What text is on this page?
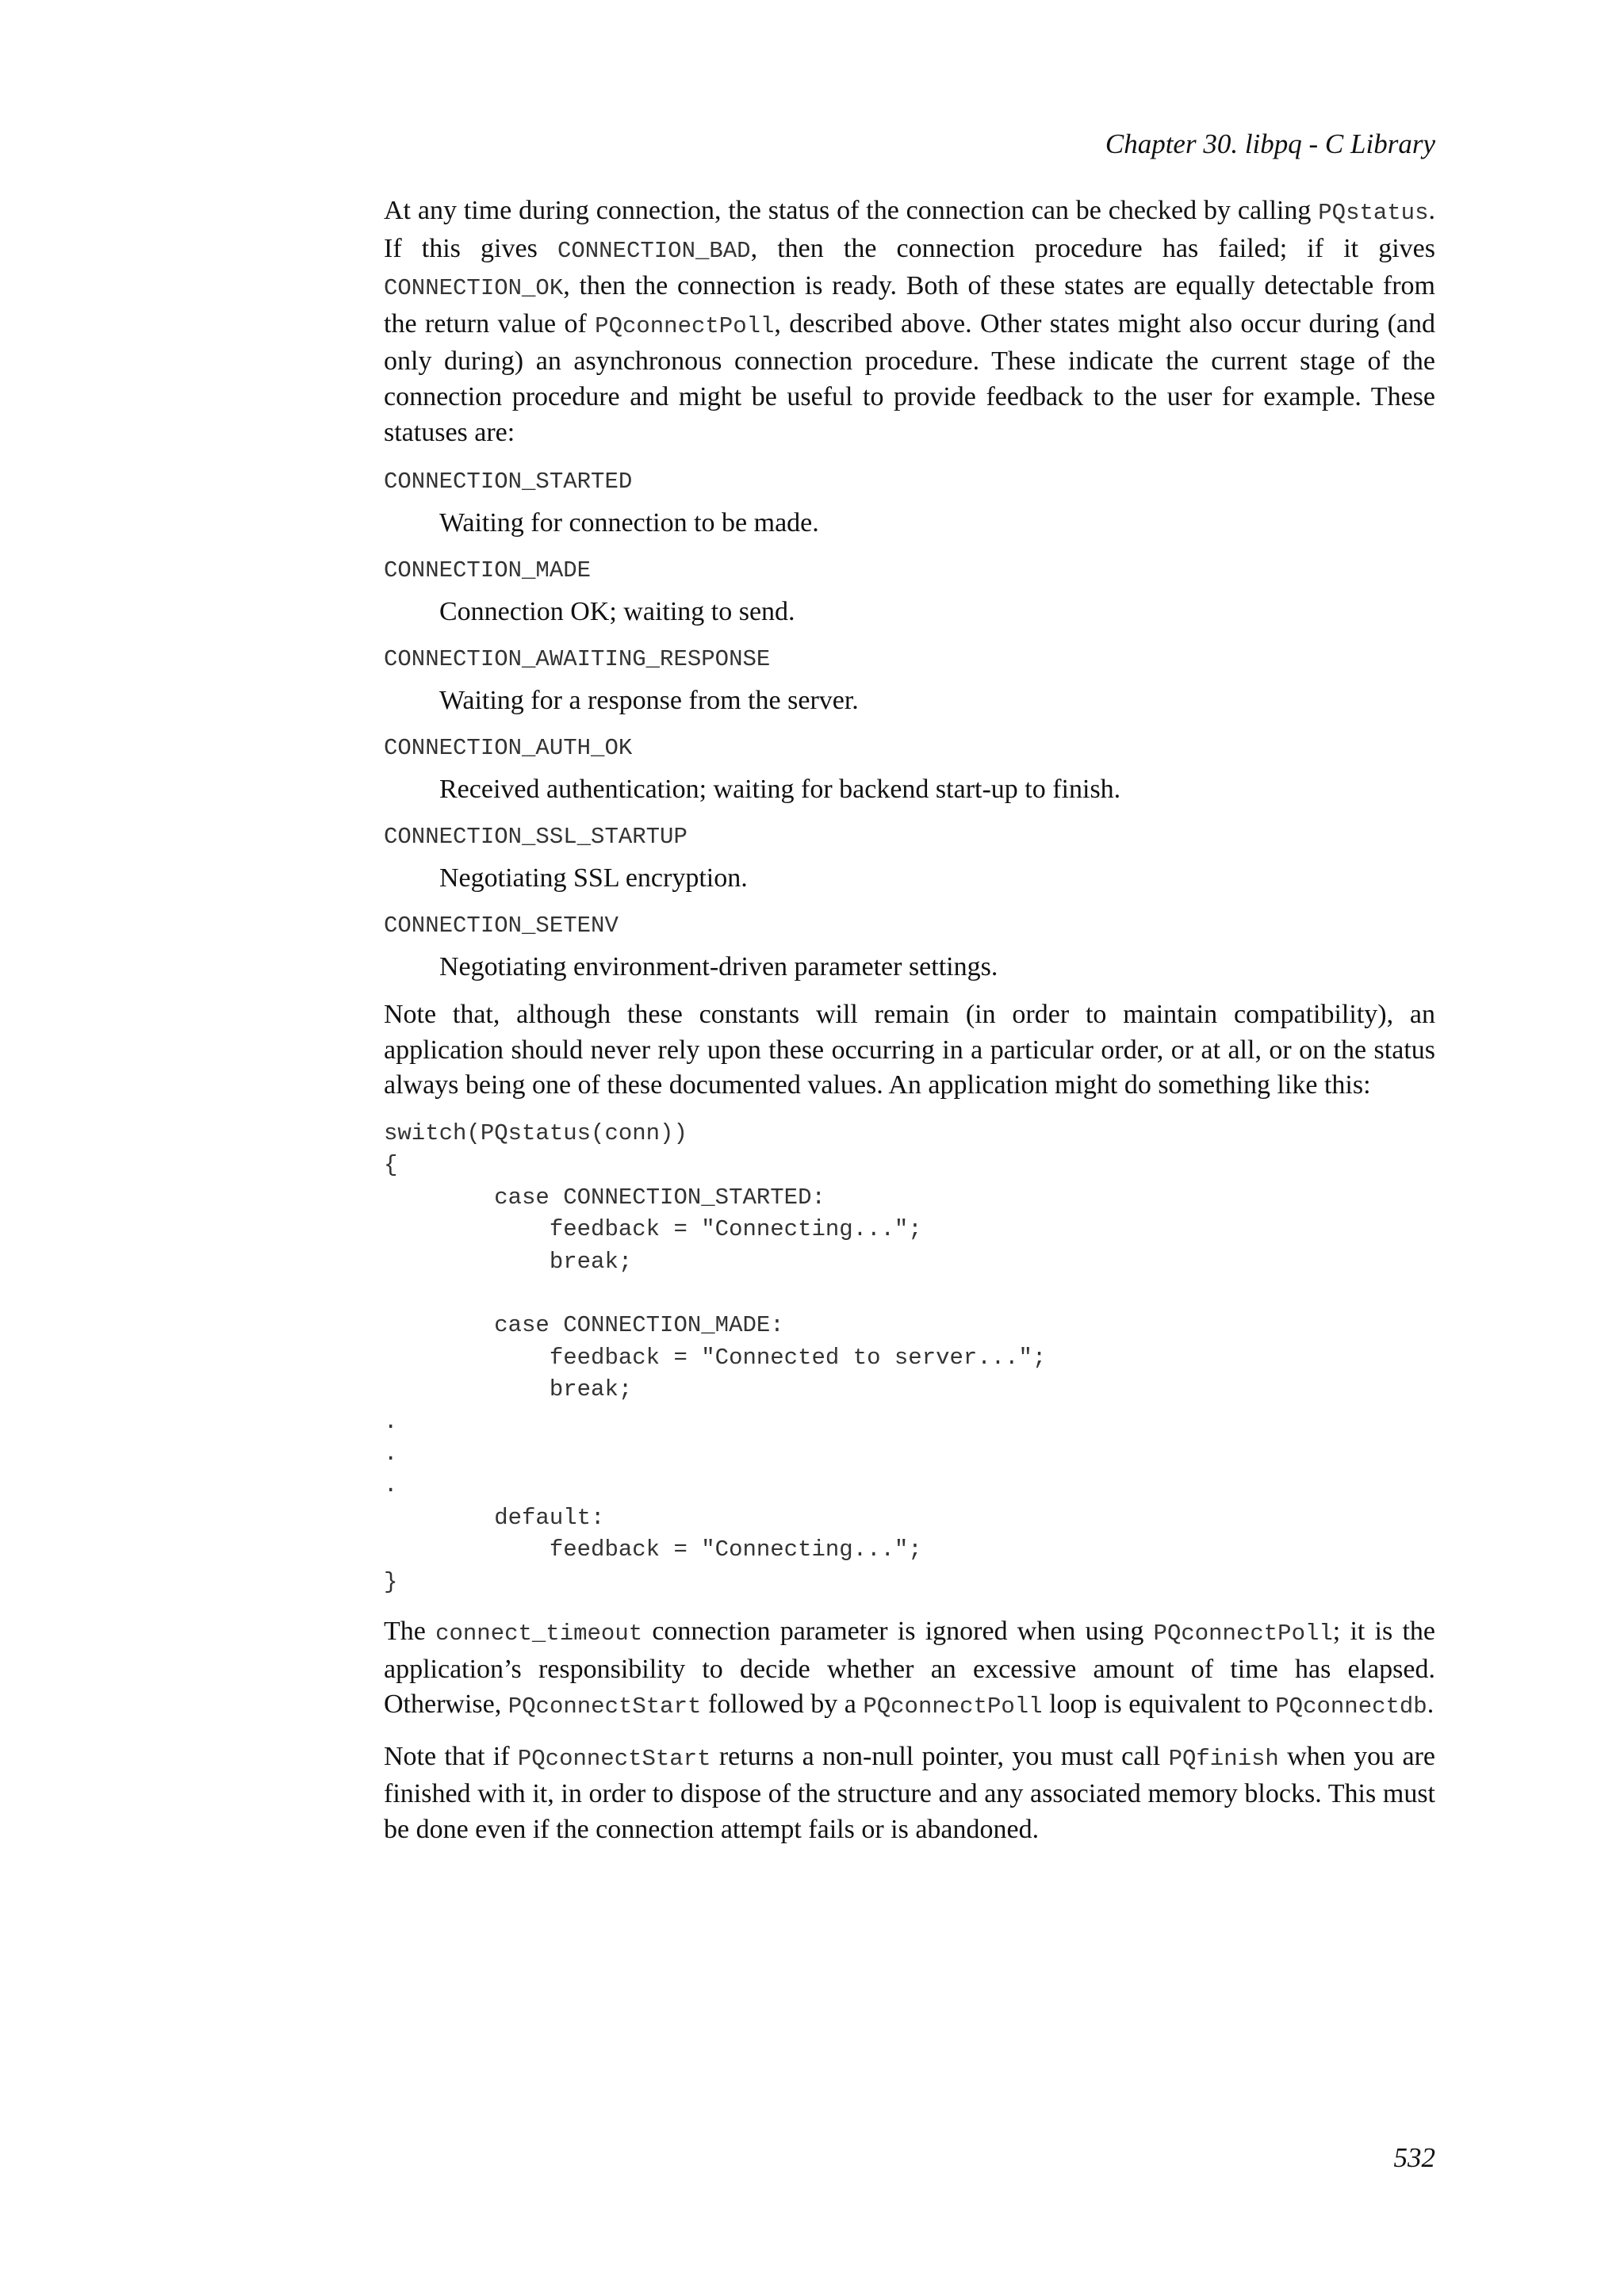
Chapter 30. libpq - C Library

At any time during connection, the status of the connection can be checked by calling PQstatus. If this gives CONNECTION_BAD, then the connection procedure has failed; if it gives CONNECTION_OK, then the connection is ready. Both of these states are equally detectable from the return value of PQconnectPoll, described above. Other states might also occur during (and only during) an asynchronous connection procedure. These indicate the current stage of the connection procedure and might be useful to provide feedback to the user for example. These statuses are:

CONNECTION_STARTED
Waiting for connection to be made.
CONNECTION_MADE
Connection OK; waiting to send.
CONNECTION_AWAITING_RESPONSE
Waiting for a response from the server.
CONNECTION_AUTH_OK
Received authentication; waiting for backend start-up to finish.
CONNECTION_SSL_STARTUP
Negotiating SSL encryption.
CONNECTION_SETENV
Negotiating environment-driven parameter settings.

Note that, although these constants will remain (in order to maintain compatibility), an application should never rely upon these occurring in a particular order, or at all, or on the status always being one of these documented values. An application might do something like this:

switch(PQstatus(conn))
{
case CONNECTION_STARTED:
feedback = "Connecting...";
break;

case CONNECTION_MADE:
feedback = "Connected to server...";
break;
.
.
.
default:
feedback = "Connecting...";
}

The connect_timeout connection parameter is ignored when using PQconnectPoll; it is the application’s responsibility to decide whether an excessive amount of time has elapsed. Otherwise, PQconnectStart followed by a PQconnectPoll loop is equivalent to PQconnectdb.

Note that if PQconnectStart returns a non-null pointer, you must call PQfinish when you are finished with it, in order to dispose of the structure and any associated memory blocks. This must be done even if the connection attempt fails or is abandoned.

532
